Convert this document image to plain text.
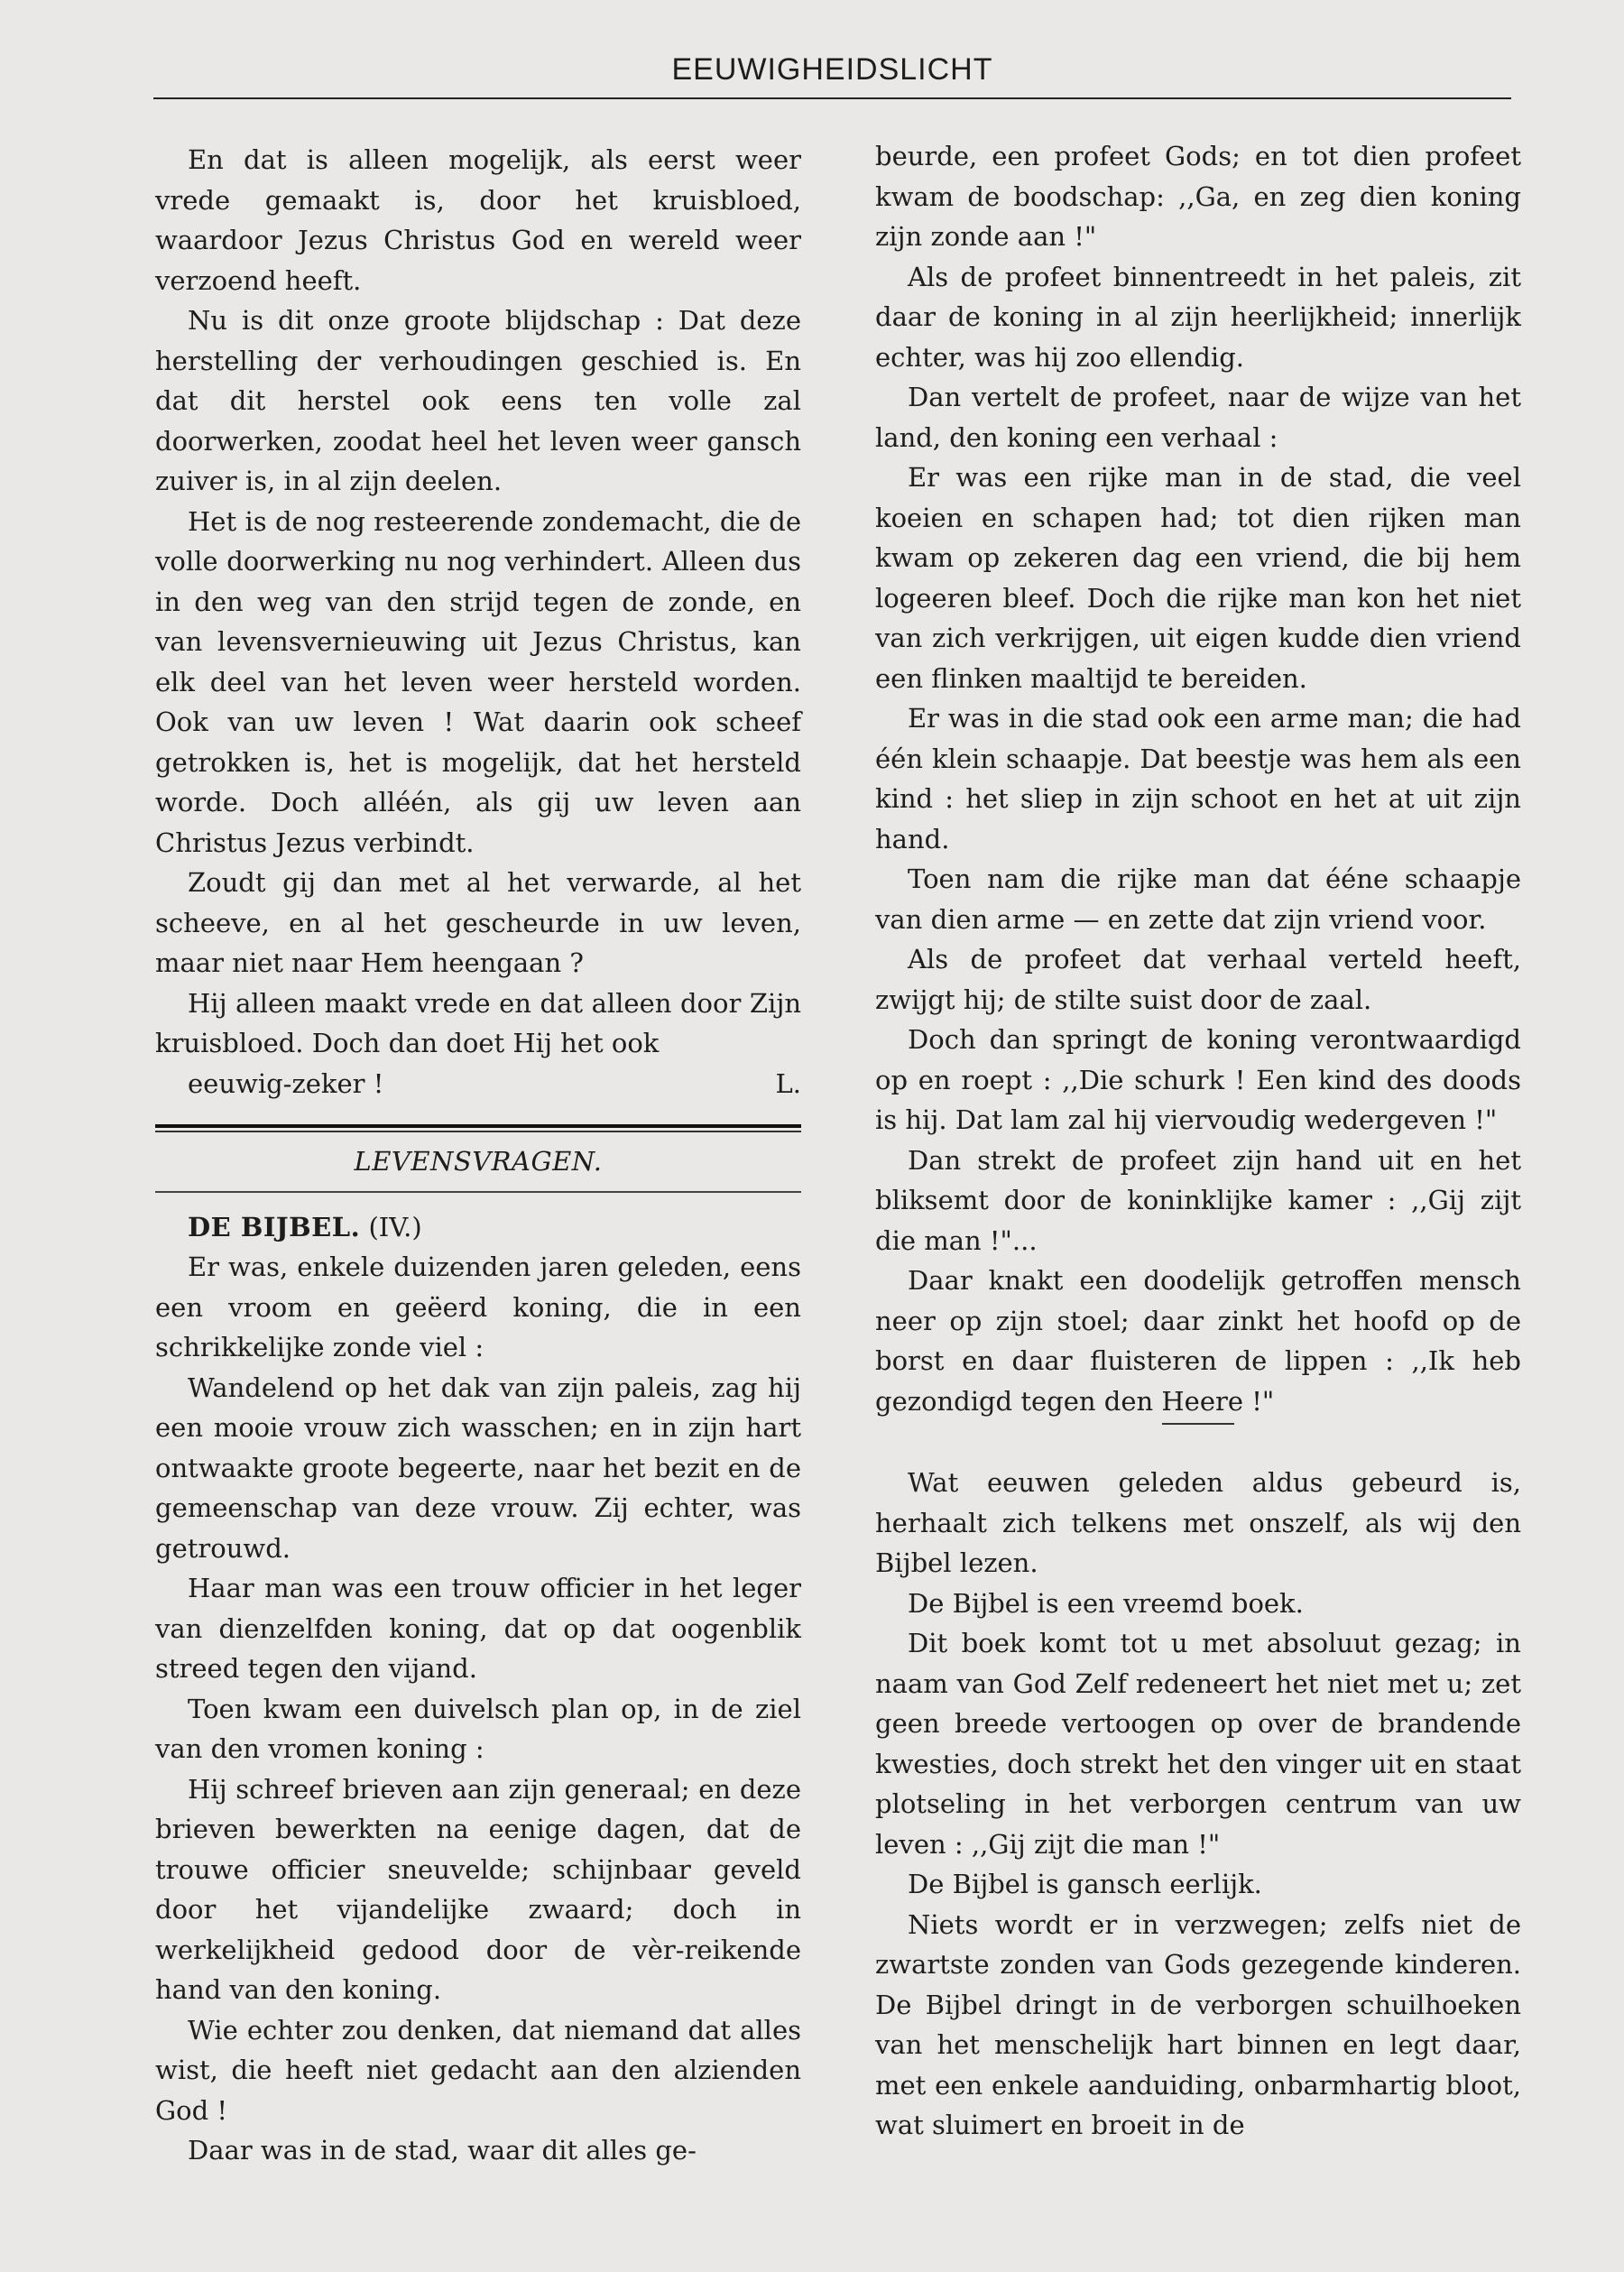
EEUWIGHEIDSLICHT

En dat is alleen mogelijk, als eerst weer vrede gemaakt is, door het kruisbloed, waardoor Jezus Christus God en wereld weer verzoend heeft.

Nu is dit onze groote blijdschap : Dat deze herstelling der verhoudingen geschied is. En dat dit herstel ook eens ten volle zal doorwerken, zoodat heel het leven weer gansch zuiver is, in al zijn deelen.

Het is de nog resteerende zondemacht, die de volle doorwerking nu nog verhindert. Alleen dus in den weg van den strijd tegen de zonde, en van levensvernieuwing uit Jezus Christus, kan elk deel van het leven weer hersteld worden. Ook van uw leven ! Wat daarin ook scheef getrokken is, het is mogelijk, dat het hersteld worde. Doch alléén, als gij uw leven aan Christus Jezus verbindt.

Zoudt gij dan met al het verwarde, al het scheeve, en al het gescheurde in uw leven, maar niet naar Hem heengaan ?

Hij alleen maakt vrede en dat alleen door Zijn kruisbloed. Doch dan doet Hij het ook

eeuwig-zeker !	L.

LEVENSVRAGEN.

DE BIJBEL. (IV.)

Er was, enkele duizenden jaren geleden, eens een vroom en geëerd koning, die in een schrikkelijke zonde viel :

Wandelend op het dak van zijn paleis, zag hij een mooie vrouw zich wasschen; en in zijn hart ontwaakte groote begeerte, naar het bezit en de gemeenschap van deze vrouw. Zij echter, was getrouwd.

Haar man was een trouw officier in het leger van dienzelfden koning, dat op dat oogenblik streed tegen den vijand.

Toen kwam een duivelsch plan op, in de ziel van den vromen koning :

Hij schreef brieven aan zijn generaal; en deze brieven bewerkten na eenige dagen, dat de trouwe officier sneuvelde; schijnbaar geveld door het vijandelijke zwaard; doch in werkelijkheid gedood door de vèr-reikende hand van den koning.

Wie echter zou denken, dat niemand dat alles wist, die heeft niet gedacht aan den alzienden God !

Daar was in de stad, waar dit alles ge-

beurde, een profeet Gods; en tot dien profeet kwam de boodschap: ,,Ga, en zeg dien koning zijn zonde aan !"

Als de profeet binnentreedt in het paleis, zit daar de koning in al zijn heerlijkheid; innerlijk echter, was hij zoo ellendig.

Dan vertelt de profeet, naar de wijze van het land, den koning een verhaal :

Er was een rijke man in de stad, die veel koeien en schapen had; tot dien rijken man kwam op zekeren dag een vriend, die bij hem logeeren bleef. Doch die rijke man kon het niet van zich verkrijgen, uit eigen kudde dien vriend een flinken maaltijd te bereiden.

Er was in die stad ook een arme man; die had één klein schaapje. Dat beestje was hem als een kind : het sliep in zijn schoot en het at uit zijn hand.

Toen nam die rijke man dat ééne schaapje van dien arme — en zette dat zijn vriend voor.

Als de profeet dat verhaal verteld heeft, zwijgt hij; de stilte suist door de zaal.

Doch dan springt de koning verontwaardigd op en roept : ,,Die schurk ! Een kind des doods is hij. Dat lam zal hij viervoudig wedergeven !"

Dan strekt de profeet zijn hand uit en het bliksemt door de koninklijke kamer : ,,Gij zijt die man !"...

Daar knakt een doodelijk getroffen mensch neer op zijn stoel; daar zinkt het hoofd op de borst en daar fluisteren de lippen : ,,Ik heb gezondigd tegen den Heere !"

Wat eeuwen geleden aldus gebeurd is, herhaalt zich telkens met onszelf, als wij den Bijbel lezen.

De Bijbel is een vreemd boek.

Dit boek komt tot u met absoluut gezag; in naam van God Zelf redeneert het niet met u; zet geen breede vertoogen op over de brandende kwesties, doch strekt het den vinger uit en staat plotseling in het verborgen centrum van uw leven : ,,Gij zijt die man !"

De Bijbel is gansch eerlijk.

Niets wordt er in verzwegen; zelfs niet de zwartste zonden van Gods gezegende kinderen. De Bijbel dringt in de verborgen schuilhoeken van het menschelijk hart binnen en legt daar, met een enkele aanduiding, onbarmhartig bloot, wat sluimert en broeit in de
